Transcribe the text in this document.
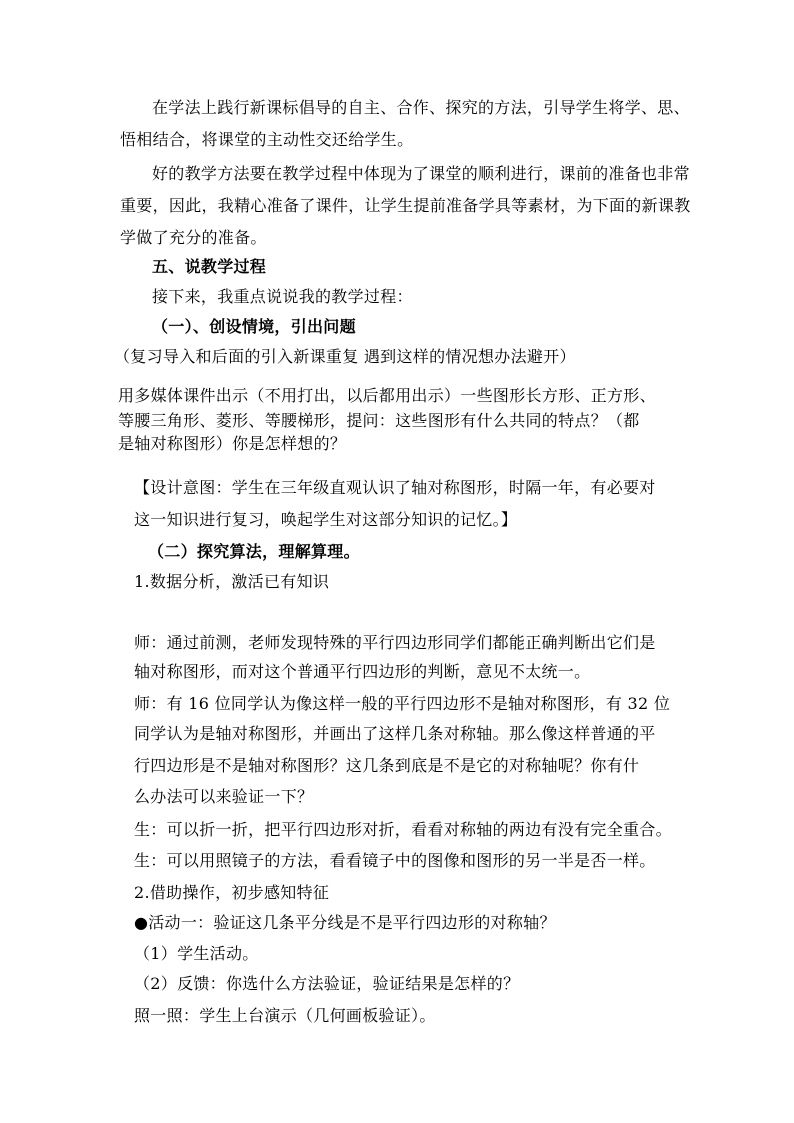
在学法上践行新课标倡导的自主、合作、探究的方法，引导学生将学、思、
悟相结合，将课堂的主动性交还给学生。
好的教学方法要在教学过程中体现为了课堂的顺利进行，课前的准备也非常
重要，因此，我精心准备了课件，让学生提前准备学具等素材，为下面的新课教
学做了充分的准备。
五、说教学过程
接下来，我重点说说我的教学过程：
（一）、创设情境，引出问题
（复习导入和后面的引入新课重复 遇到这样的情况想办法避开）
用多媒体课件出示（不用打出，以后都用出示）一些图形长方形、正方形、
等腰三角形、菱形、等腰梯形，提问：这些图形有什么共同的特点？（都
是轴对称图形）你是怎样想的？
【设计意图：学生在三年级直观认识了轴对称图形，时隔一年，有必要对
这一知识进行复习，唤起学生对这部分知识的记忆。】
（二）探究算法，理解算理。
1.数据分析，激活已有知识
师：通过前测，老师发现特殊的平行四边形同学们都能正确判断出它们是
轴对称图形，而对这个普通平行四边形的判断，意见不太统一。
师：有 16 位同学认为像这样一般的平行四边形不是轴对称图形，有 32 位
同学认为是轴对称图形，并画出了这样几条对称轴。那么像这样普通的平
行四边形是不是轴对称图形？这几条到底是不是它的对称轴呢？你有什
么办法可以来验证一下？
生：可以折一折，把平行四边形对折，看看对称轴的两边有没有完全重合。
生：可以用照镜子的方法，看看镜子中的图像和图形的另一半是否一样。
2.借助操作，初步感知特征
●活动一：验证这几条平分线是不是平行四边形的对称轴？
（1）学生活动。
（2）反馈：你选什么方法验证，验证结果是怎样的？
照一照：学生上台演示（几何画板验证）。
